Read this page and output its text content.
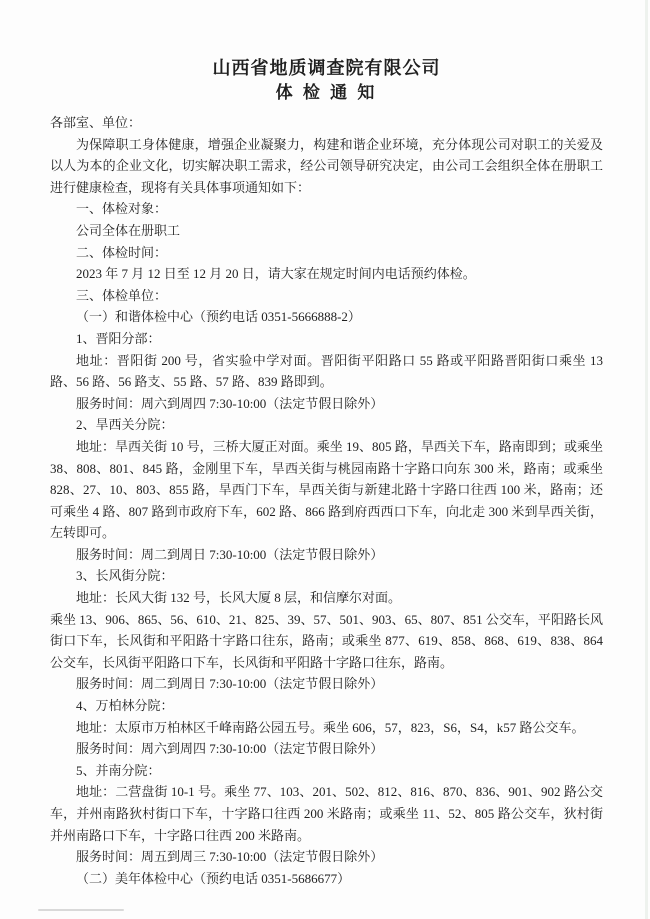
山西省地质调查院有限公司
体 检 通 知

各部室、单位：

为保障职工身体健康，增强企业凝聚力，构建和谐企业环境，充分体现公司对职工的关爱及以人为本的企业文化，切实解决职工需求，经公司领导研究决定，由公司工会组织全体在册职工进行健康检查，现将有关具体事项通知如下：

一、体检对象：

公司全体在册职工

二、体检时间：

2023 年 7 月 12 日至 12 月 20 日，请大家在规定时间内电话预约体检。

三、体检单位：

（一）和谐体检中心（预约电话 0351-5666888-2）

1、晋阳分部：

地址：晋阳街 200 号，省实验中学对面。晋阳街平阳路口 55 路或平阳路晋阳街口乘坐 13 路、56 路、56 路支、55 路、57 路、839 路即到。

服务时间：周六到周四 7:30-10:00（法定节假日除外）

2、旱西关分院：

地址：旱西关街 10 号，三桥大厦正对面。乘坐 19、805 路，旱西关下车，路南即到；或乘坐 38、808、801、845 路，金刚里下车，旱西关街与桃园南路十字路口向东 300 米，路南；或乘坐 828、27、10、803、855 路，旱西门下车，旱西关街与新建北路十字路口往西 100 米，路南；还可乘坐 4 路、807 路到市政府下车，602 路、866 路到府西西口下车，向北走 300 米到旱西关街，左转即可。

服务时间：周二到周日 7:30-10:00（法定节假日除外）

3、长风街分院：

地址：长风大街 132 号，长风大厦 8 层，和信摩尔对面。

乘坐 13、906、865、56、610、21、825、39、57、501、903、65、807、851 公交车，平阳路长风街口下车，长风街和平阳路十字路口往东，路南；或乘坐 877、619、858、868、619、838、864 公交车，长风街平阳路口下车，长风街和平阳路十字路口往东，路南。

服务时间：周二到周日 7:30-10:00（法定节假日除外）

4、万柏林分院：

地址：太原市万柏林区千峰南路公园五号。乘坐 606，57，823，S6，S4，k57 路公交车。

服务时间：周六到周四 7:30-10:00（法定节假日除外）

5、并南分院：

地址：二营盘街 10-1 号。乘坐 77、103、201、502、812、816、870、836、901、902 路公交车，并州南路狄村街口下车，十字路口往西 200 米路南；或乘坐 11、52、805 路公交车，狄村街并州南路口下车，十字路口往西 200 米路南。

服务时间：周五到周三 7:30-10:00（法定节假日除外）

（二）美年体检中心（预约电话 0351-5686677）
